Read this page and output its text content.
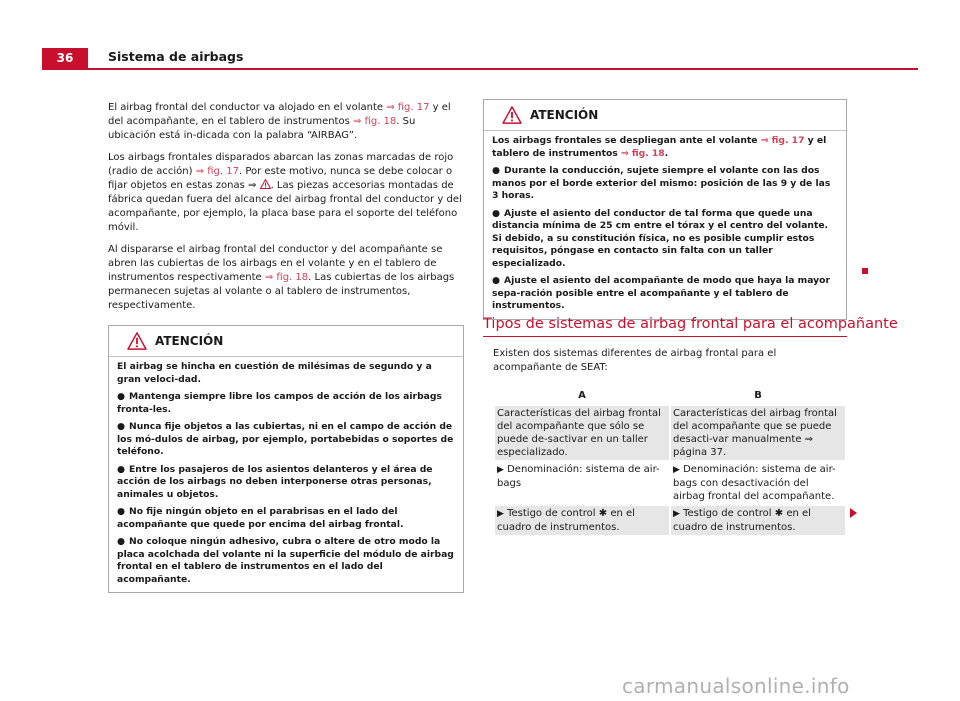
36	Sistema de airbags

El airbag frontal del conductor va alojado en el volante ⇒ fig. 17 y el del acompañante, en el tablero de instrumentos ⇒ fig. 18. Su ubicación está in-dicada con la palabra “AIRBAG”.

Los airbags frontales disparados abarcan las zonas marcadas de rojo (radio de acción) ⇒ fig. 17. Por este motivo, nunca se debe colocar o fijar objetos en estas zonas ⇒ . Las piezas accesorias montadas de fábrica quedan fuera del alcance del airbag frontal del conductor y del acompañante, por ejemplo, la placa base para el soporte del teléfono móvil.

Al dispararse el airbag frontal del conductor y del acompañante se abren las cubiertas de los airbags en el volante y en el tablero de instrumentos respectivamente ⇒ fig. 18. Las cubiertas de los airbags permanecen sujetas al volante o al tablero de instrumentos, respectivamente.

ATENCIÓN

El airbag se hincha en cuestión de milésimas de segundo y a gran veloci-dad.

● Mantenga siempre libre los campos de acción de los airbags fronta-les.

● Nunca fije objetos a las cubiertas, ni en el campo de acción de los mó-dulos de airbag, por ejemplo, portabebidas o soportes de teléfono.

● Entre los pasajeros de los asientos delanteros y el área de acción de los airbags no deben interponerse otras personas, animales u objetos.

● No fije ningún objeto en el parabrisas en el lado del acompañante que quede por encima del airbag frontal.

● No coloque ningún adhesivo, cubra o altere de otro modo la placa acolchada del volante ni la superficie del módulo de airbag frontal en el tablero de instrumentos en el lado del acompañante.

ATENCIÓN

Los airbags frontales se despliegan ante el volante ⇒ fig. 17 y el tablero de instrumentos ⇒ fig. 18.

● Durante la conducción, sujete siempre el volante con las dos manos por el borde exterior del mismo: posición de las 9 y de las 3 horas.

● Ajuste el asiento del conductor de tal forma que quede una distancia mínima de 25 cm entre el tórax y el centro del volante. Si debido, a su constitución física, no es posible cumplir estos requisitos, póngase en contacto sin falta con un taller especializado.

● Ajuste el asiento del acompañante de modo que haya la mayor sepa-ración posible entre el acompañante y el tablero de instrumentos.

Tipos de sistemas de airbag frontal para el acompañante
Existen dos sistemas diferentes de airbag frontal para el acompañante de SEAT:
A	B
Características del airbag frontal del acompañante que sólo se puede de-sactivar en un taller especializado.	Características del airbag frontal del acompañante que se puede desacti-var manualmente ⇒ página 37.
▶ Denominación: sistema de air-bags	▶ Denominación: sistema de air-bags con desactivación del airbag frontal del acompañante.
▶ Testigo de control ✱ en el cuadro de instrumentos.	▶ Testigo de control ✱ en el cuadro de instrumentos.
carmanualsonline.info
